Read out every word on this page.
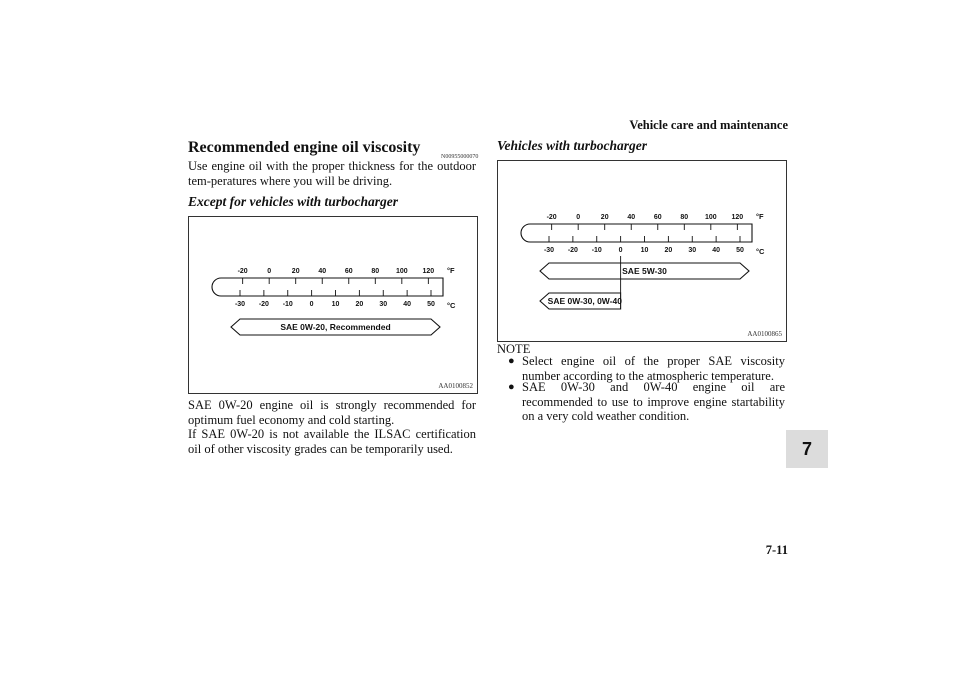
Vehicle care and maintenance
7
7-11
Recommended engine oil viscosity
N00955000070
Use engine oil with the proper thickness for the outdoor tem-peratures where you will be driving.
Except for vehicles with turbocharger
-20	0	20	40	60	80 100 120 °F
-30 -20 -10 0	10 20 30 40 50 °C
SAE 0W-20, Recommended
AA0100852
SAE 0W-20 engine oil is strongly recommended for optimum fuel economy and cold starting.
If SAE 0W-20 is not available the ILSAC certification oil of other viscosity grades can be temporarily used.
Vehicles with turbocharger
-20	0	20	40	60	80 100 120 °F
-30 -20 -10 0	10 20 30 40 50 °C
SAE 5W-30
SAE 0W-30, 0W-40
AA0100865
NOTE
● Select engine oil of the proper SAE viscosity number according to the atmospheric temperature.
● SAE 0W-30 and 0W-40 engine oil are recommended to use to improve engine startability on a very cold weather condition.
